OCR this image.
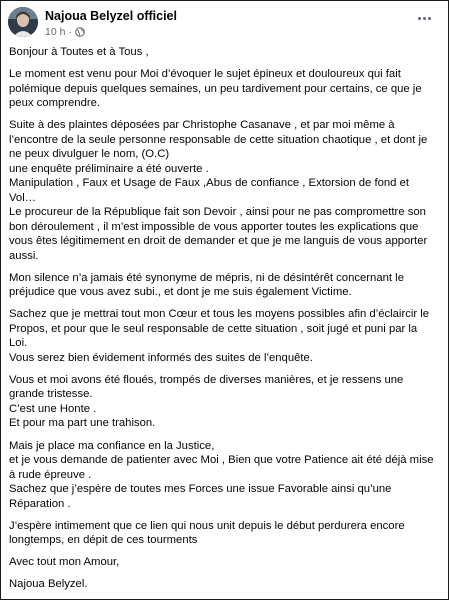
Najoua Belyzel officiel
10 h ·

Bonjour à Toutes et à Tous ,

Le moment est venu pour Moi d’évoquer le sujet épineux et douloureux qui fait
polémique depuis quelques semaines, un peu tardivement pour certains, ce que je
peux comprendre.

Suite à des plaintes déposées par Christophe Casanave , et par moi même à
l’encontre de la seule personne responsable de cette situation chaotique , et dont je
ne peux divulguer le nom, (O.C)
une enquête préliminaire a été ouverte .
Manipulation , Faux et Usage de Faux ,Abus de confiance , Extorsion de fond et Vol…
Le procureur de la République fait son Devoir , ainsi pour ne pas compromettre son
bon déroulement , il m’est impossible de vous apporter toutes les explications que
vous êtes légitimement en droit de demander et que je me languis de vous apporter
aussi.

Mon silence n’a jamais été synonyme de mépris, ni de désintérêt concernant le
préjudice que vous avez subi., et dont je me suis également Victime.

Sachez que je mettrai tout mon Cœur et tous les moyens possibles afin d’éclaircir le
Propos, et pour que le seul responsable de cette situation , soit jugé et puni par la
Loi.
Vous serez bien évidement informés des suites de l’enquête.

Vous et moi avons été floués, trompés de diverses manières, et je ressens une
grande tristesse.
C’est une Honte .
Et pour ma part une trahison.

Mais je place ma confiance en la Justice,
et je vous demande de patienter avec Moi , Bien que votre Patience ait été déjà mise
à rude épreuve .
Sachez que j’espère de toutes mes Forces une issue Favorable ainsi qu’une
Réparation .

J’espère intimement que ce lien qui nous unit depuis le début perdurera encore
longtemps, en dépit de ces tourments

Avec tout mon Amour,

Najoua Belyzel.
